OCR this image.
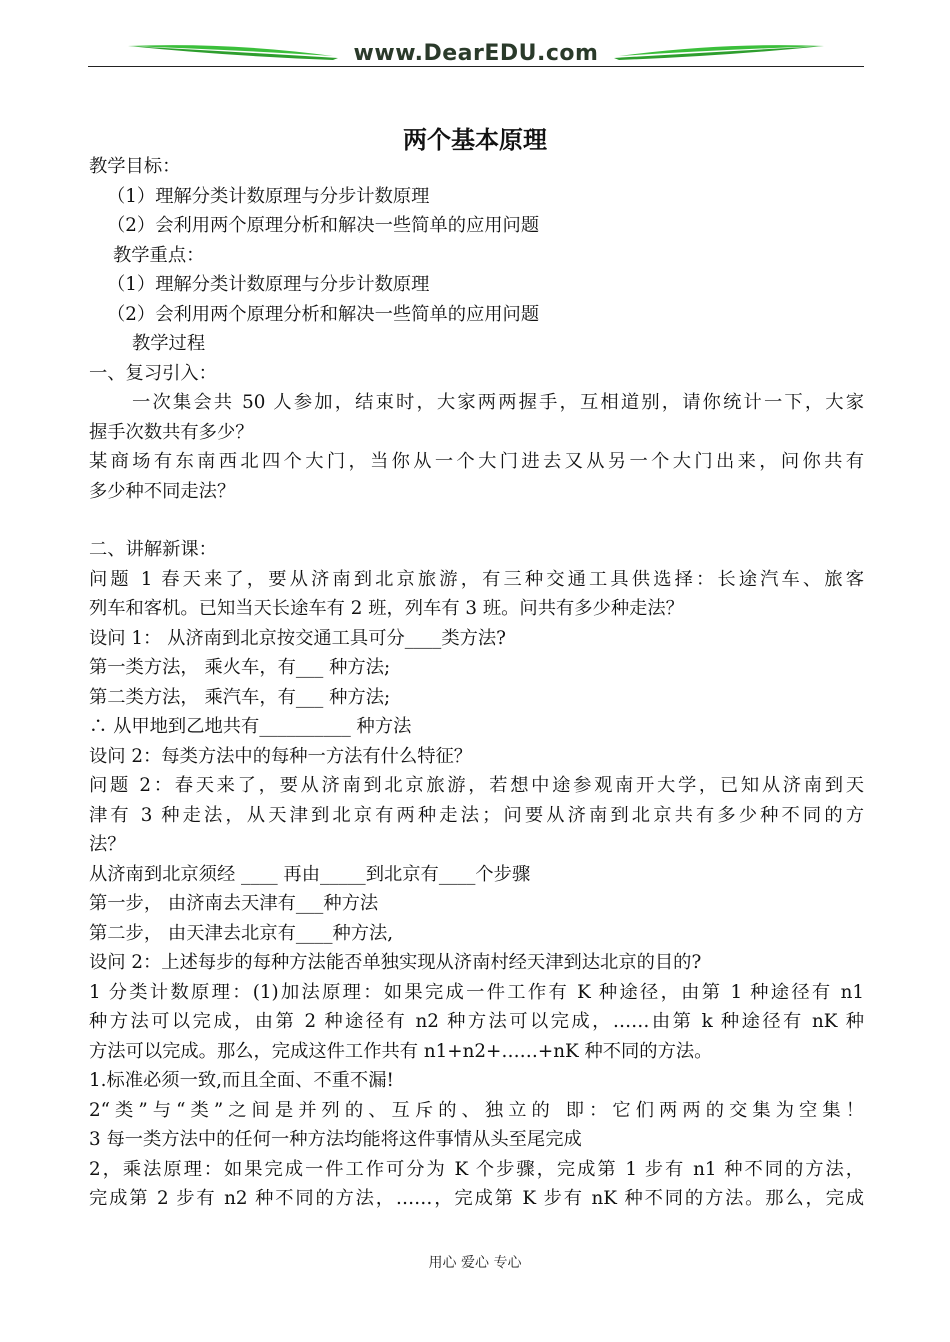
www.DearEDU.com
两个基本原理
教学目标：
（1）理解分类计数原理与分步计数原理
（2）会利用两个原理分析和解决一些简单的应用问题
教学重点：
（1）理解分类计数原理与分步计数原理
（2）会利用两个原理分析和解决一些简单的应用问题
教学过程
一、复习引入：
一次集会共 50 人参加，结束时，大家两两握手，互相道别，请你统计一下，大家
握手次数共有多少？
某商场有东南西北四个大门，当你从一个大门进去又从另一个大门出来，问你共有
多少种不同走法？
二、讲解新课：
问题 1 春天来了，要从济南到北京旅游，有三种交通工具供选择：长途汽车、旅客
列车和客机。已知当天长途车有 2 班，列车有 3 班。问共有多少种走法？
设问 1： 从济南到北京按交通工具可分____类方法?
第一类方法， 乘火车，有___ 种方法;
第二类方法， 乘汽车，有___ 种方法;
∴ 从甲地到乙地共有__________ 种方法
设问 2：每类方法中的每种一方法有什么特征？
问题 2：春天来了，要从济南到北京旅游，若想中途参观南开大学，已知从济南到天
津有 3 种走法，从天津到北京有两种走法；问要从济南到北京共有多少种不同的方
法？
从济南到北京须经 ____ 再由_____到北京有____个步骤
第一步， 由济南去天津有___种方法
第二步， 由天津去北京有____种方法,
设问 2：上述每步的每种方法能否单独实现从济南村经天津到达北京的目的?
1 分类计数原理：(1)加法原理：如果完成一件工作有 K 种途径，由第 1 种途径有 n1
种方法可以完成，由第 2 种途径有 n2 种方法可以完成，……由第 k 种途径有 nK 种
方法可以完成。那么，完成这件工作共有 n1+n2+……+nK 种不同的方法。
1.标准必须一致,而且全面、不重不漏!
2“类”与“类”之间是并列的、互斥的、独立的 即：它们两两的交集为空集！
3 每一类方法中的任何一种方法均能将这件事情从头至尾完成
2，乘法原理：如果完成一件工作可分为 K 个步骤，完成第 1 步有 n1 种不同的方法，
完成第 2 步有 n2 种不同的方法，……，完成第 K 步有 nK 种不同的方法。那么，完成
用心 爱心 专心
